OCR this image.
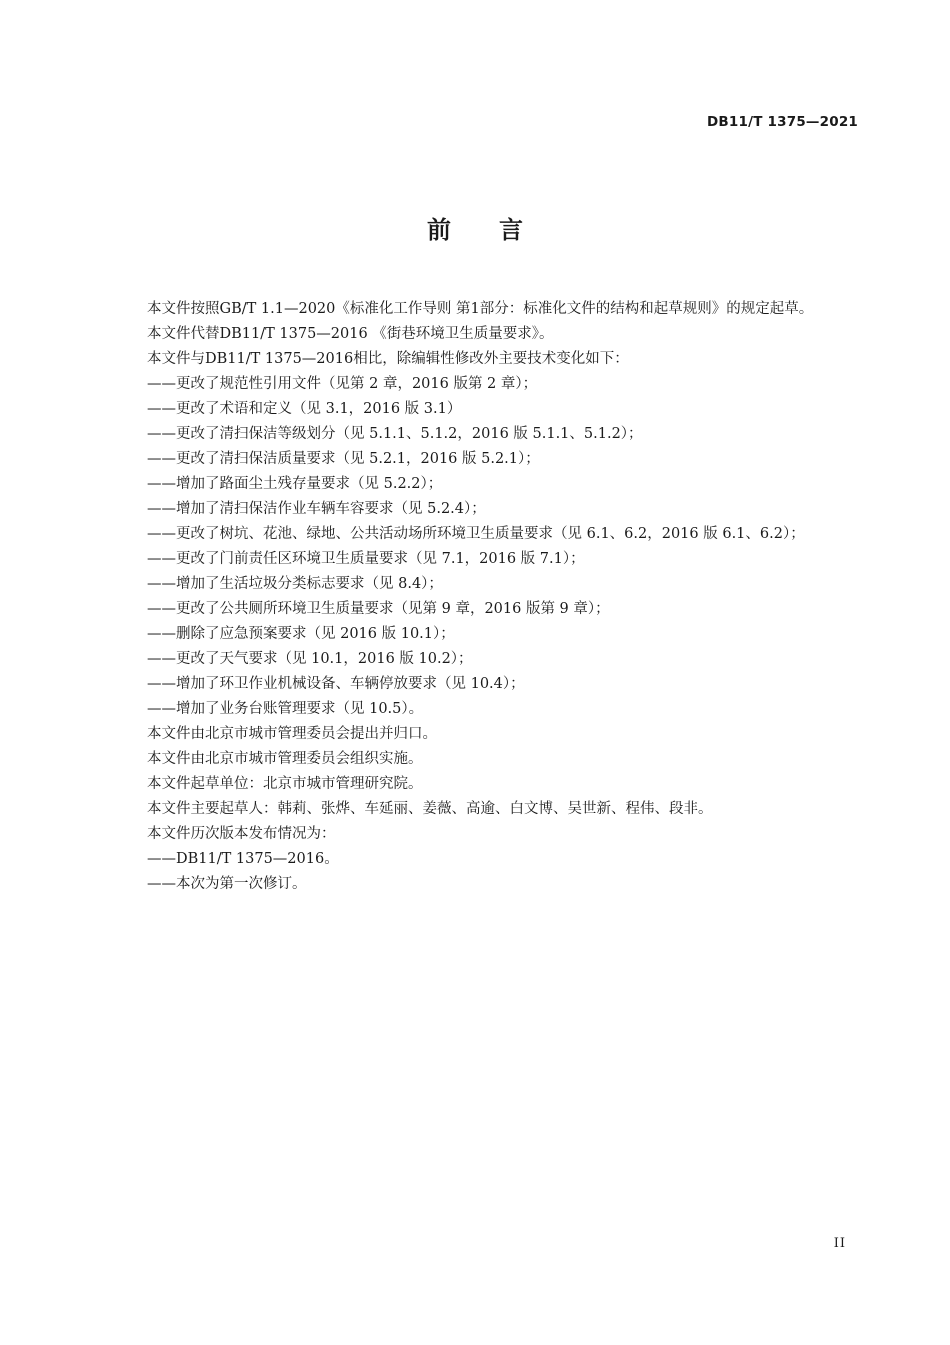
DB11/T 1375—2021
前 言

本文件按照GB/T 1.1—2020《标准化工作导则 第1部分：标准化文件的结构和起草规则》的规定起草。

本文件代替DB11/T 1375—2016 《街巷环境卫生质量要求》。

本文件与DB11/T 1375—2016相比，除编辑性修改外主要技术变化如下：

——更改了规范性引用文件（见第 2 章，2016 版第 2 章）；

——更改了术语和定义（见 3.1，2016 版 3.1）

——更改了清扫保洁等级划分（见 5.1.1、5.1.2，2016 版 5.1.1、5.1.2）；

——更改了清扫保洁质量要求（见 5.2.1，2016 版 5.2.1）；

——增加了路面尘土残存量要求（见 5.2.2）；

——增加了清扫保洁作业车辆车容要求（见 5.2.4）；

——更改了树坑、花池、绿地、公共活动场所环境卫生质量要求（见 6.1、6.2，2016 版 6.1、6.2）；

——更改了门前责任区环境卫生质量要求（见 7.1，2016 版 7.1）；

——增加了生活垃圾分类标志要求（见 8.4）；

——更改了公共厕所环境卫生质量要求（见第 9 章，2016 版第 9 章）；

——删除了应急预案要求（见 2016 版 10.1）；

——更改了天气要求（见 10.1，2016 版 10.2）；

——增加了环卫作业机械设备、车辆停放要求（见 10.4）；

——增加了业务台账管理要求（见 10.5）。

本文件由北京市城市管理委员会提出并归口。

本文件由北京市城市管理委员会组织实施。

本文件起草单位：北京市城市管理研究院。

本文件主要起草人：韩莉、张烨、车延丽、姜薇、高逾、白文博、吴世新、程伟、段非。

本文件历次版本发布情况为：

——DB11/T 1375—2016。

——本次为第一次修订。

II
